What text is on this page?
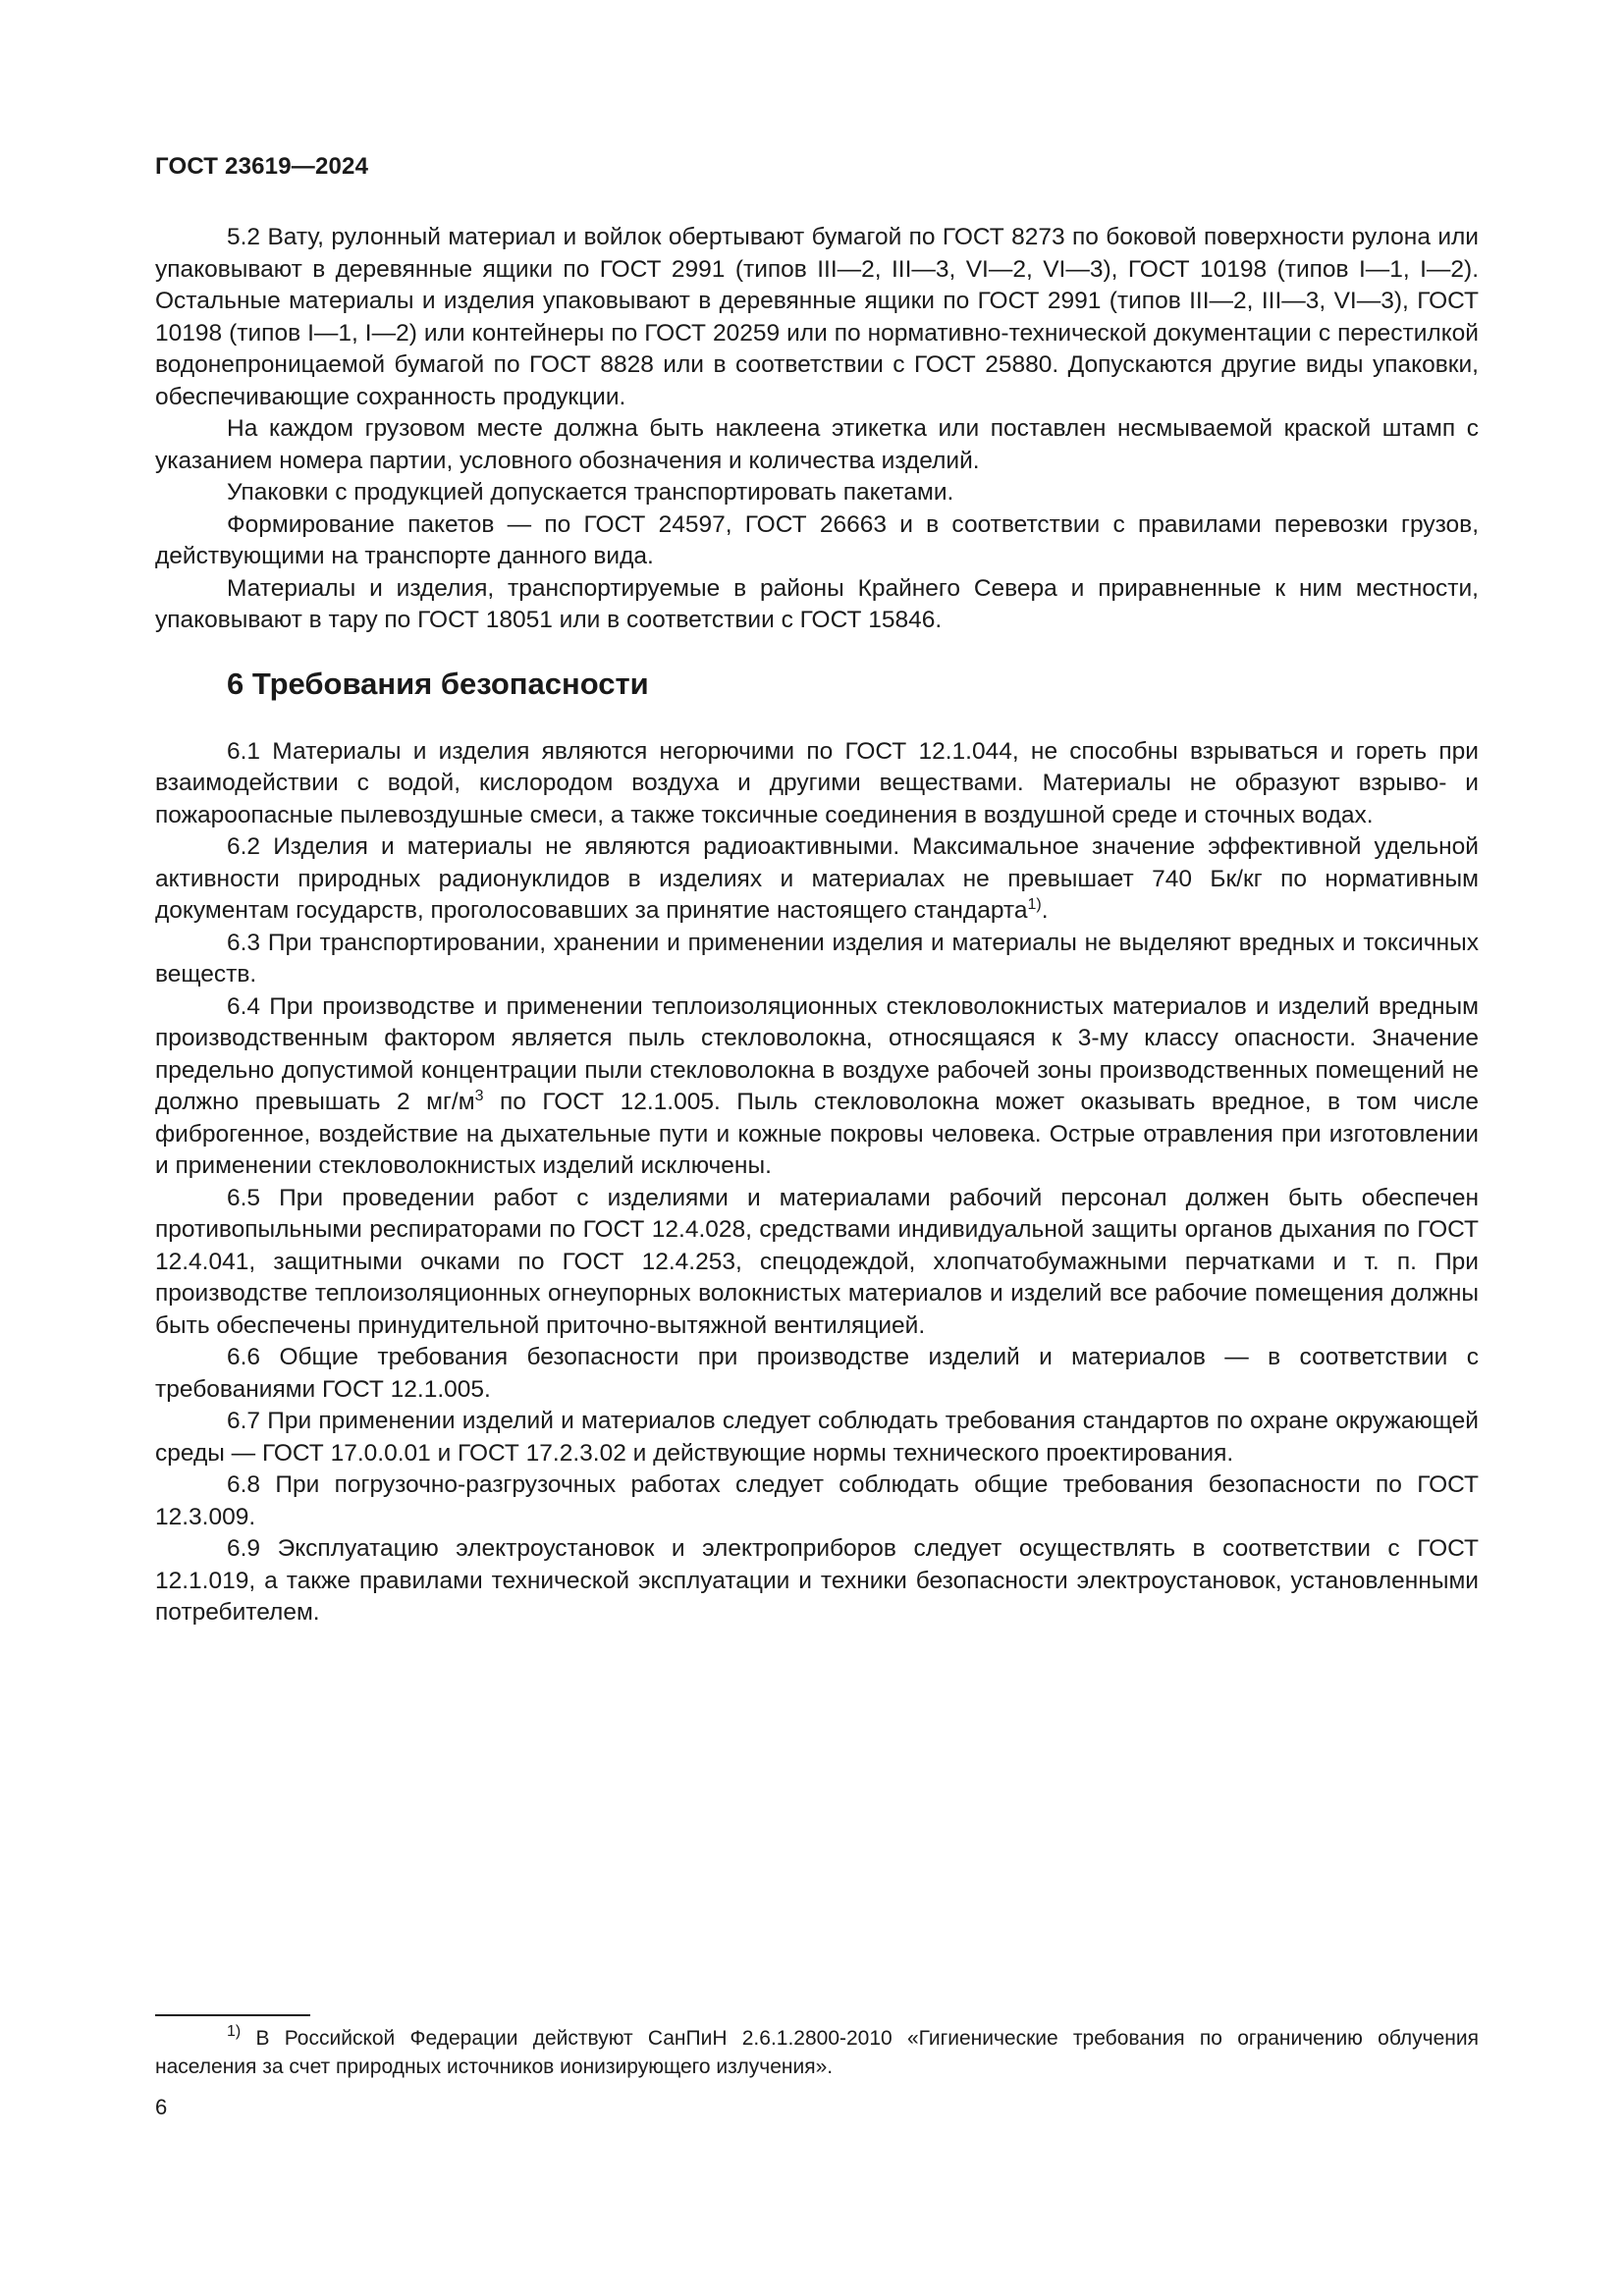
ГОСТ 23619—2024

5.2 Вату, рулонный материал и войлок обертывают бумагой по ГОСТ 8273 по боковой поверхности рулона или упаковывают в деревянные ящики по ГОСТ 2991 (типов III—2, III—3, VI—2, VI—3), ГОСТ 10198 (типов I—1, I—2). Остальные материалы и изделия упаковывают в деревянные ящики по ГОСТ 2991 (типов III—2, III—3, VI—3), ГОСТ 10198 (типов I—1, I—2) или контейнеры по ГОСТ 20259 или по нормативно-технической документации с перестилкой водонепроницаемой бумагой по ГОСТ 8828 или в соответствии с ГОСТ 25880. Допускаются другие виды упаковки, обеспечивающие сохранность продукции.

На каждом грузовом месте должна быть наклеена этикетка или поставлен несмываемой краской штамп с указанием номера партии, условного обозначения и количества изделий.

Упаковки с продукцией допускается транспортировать пакетами.

Формирование пакетов — по ГОСТ 24597, ГОСТ 26663 и в соответствии с правилами перевозки грузов, действующими на транспорте данного вида.

Материалы и изделия, транспортируемые в районы Крайнего Севера и приравненные к ним местности, упаковывают в тару по ГОСТ 18051 или в соответствии с ГОСТ 15846.

6 Требования безопасности

6.1 Материалы и изделия являются негорючими по ГОСТ 12.1.044, не способны взрываться и гореть при взаимодействии с водой, кислородом воздуха и другими веществами. Материалы не образуют взрыво- и пожароопасные пылевоздушные смеси, а также токсичные соединения в воздушной среде и сточных водах.

6.2 Изделия и материалы не являются радиоактивными. Максимальное значение эффективной удельной активности природных радионуклидов в изделиях и материалах не превышает 740 Бк/кг по нормативным документам государств, проголосовавших за принятие настоящего стандарта$^{1)}$.

6.3 При транспортировании, хранении и применении изделия и материалы не выделяют вредных и токсичных веществ.

6.4 При производстве и применении теплоизоляционных стекловолокнистых материалов и изделий вредным производственным фактором является пыль стекловолокна, относящаяся к 3-му классу опасности. Значение предельно допустимой концентрации пыли стекловолокна в воздухе рабочей зоны производственных помещений не должно превышать 2 $мг/м^3$ по ГОСТ 12.1.005. Пыль стекловолокна может оказывать вредное, в том числе фиброгенное, воздействие на дыхательные пути и кожные покровы человека. Острые отравления при изготовлении и применении стекловолокнистых изделий исключены.

6.5 При проведении работ с изделиями и материалами рабочий персонал должен быть обеспечен противопыльными респираторами по ГОСТ 12.4.028, средствами индивидуальной защиты органов дыхания по ГОСТ 12.4.041, защитными очками по ГОСТ 12.4.253, спецодеждой, хлопчатобумажными перчатками и т. п. При производстве теплоизоляционных огнеупорных волокнистых материалов и изделий все рабочие помещения должны быть обеспечены принудительной приточно-вытяжной вентиляцией.

6.6 Общие требования безопасности при производстве изделий и материалов — в соответствии с требованиями ГОСТ 12.1.005.

6.7 При применении изделий и материалов следует соблюдать требования стандартов по охране окружающей среды — ГОСТ 17.0.0.01 и ГОСТ 17.2.3.02 и действующие нормы технического проектирования.

6.8 При погрузочно-разгрузочных работах следует соблюдать общие требования безопасности по ГОСТ 12.3.009.

6.9 Эксплуатацию электроустановок и электроприборов следует осуществлять в соответствии с ГОСТ 12.1.019, а также правилами технической эксплуатации и техники безопасности электроустановок, установленными потребителем.

$^{1)}$ В Российской Федерации действуют СанПиН 2.6.1.2800-2010 «Гигиенические требования по ограничению облучения населения за счет природных источников ионизирующего излучения».

6
